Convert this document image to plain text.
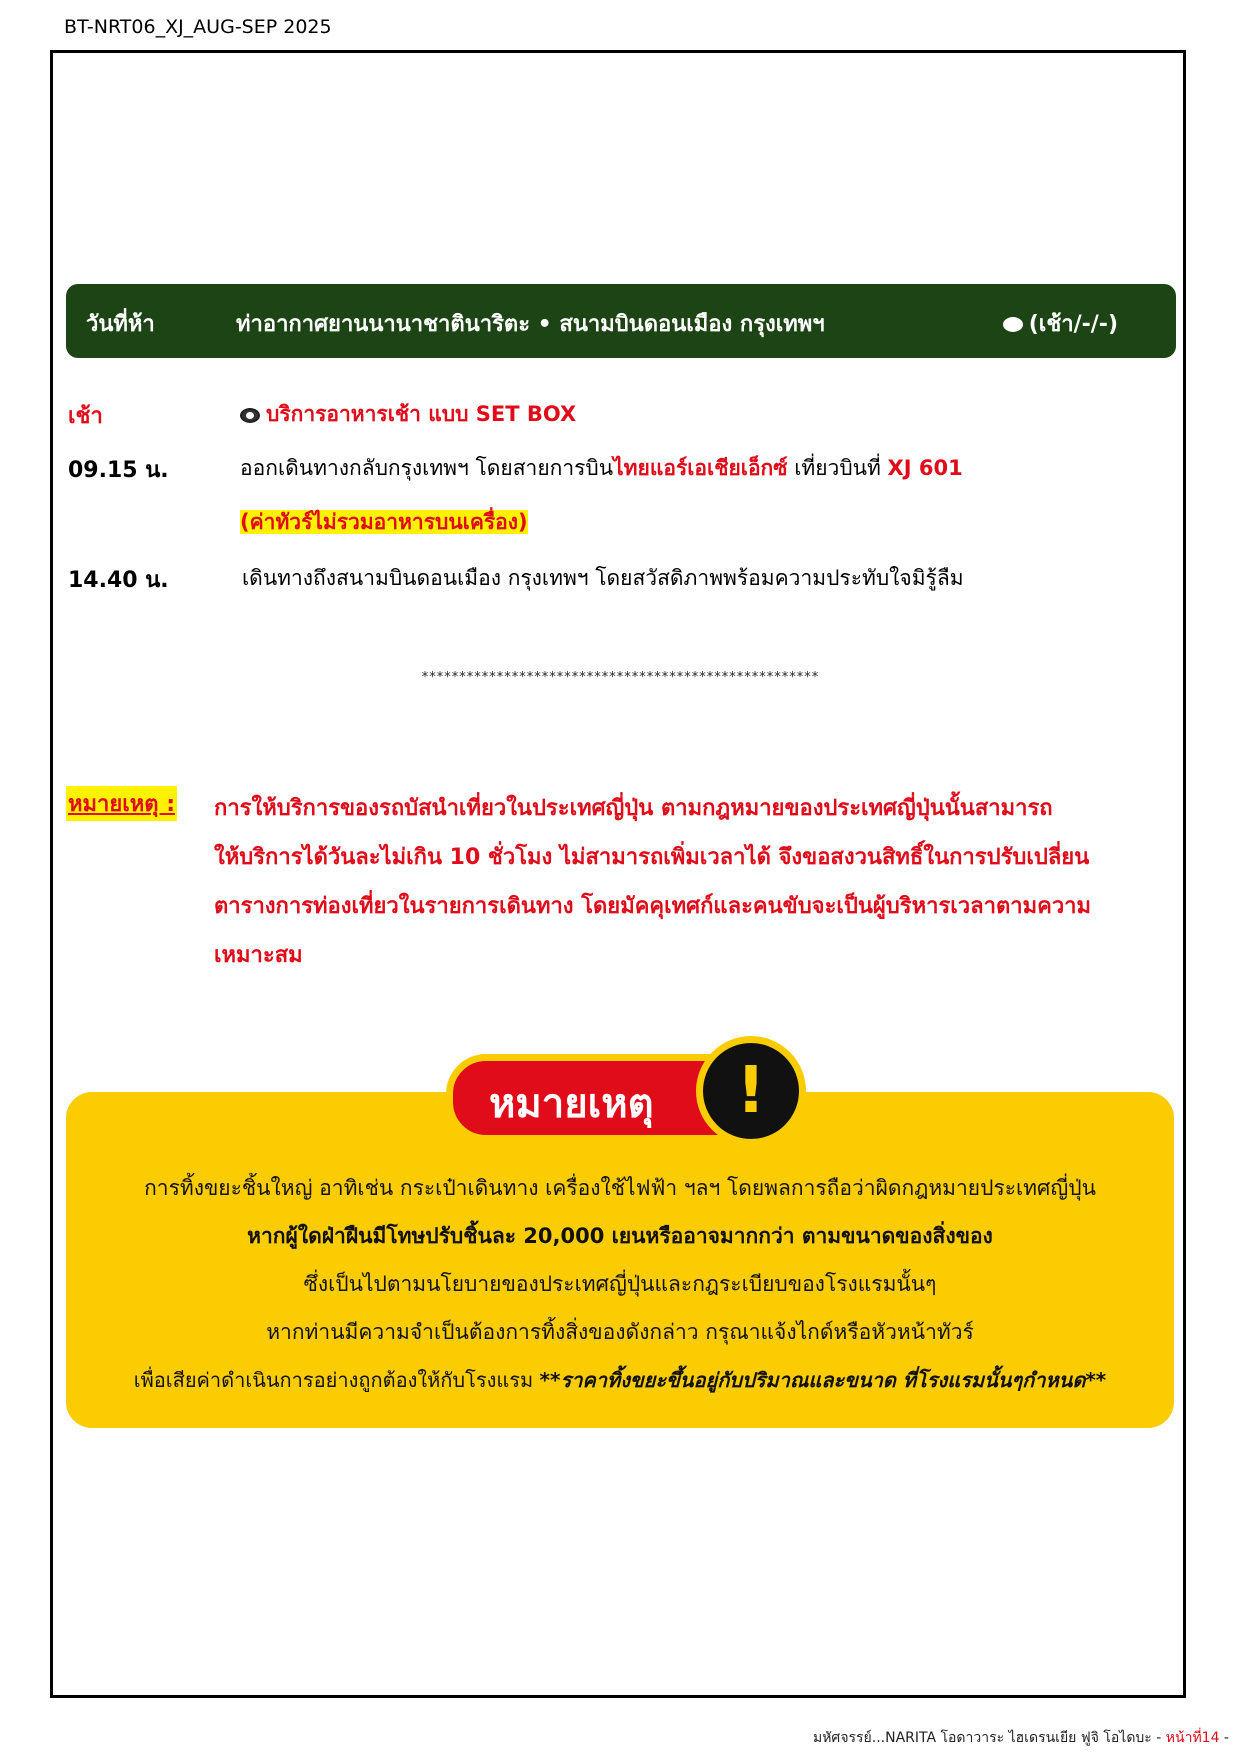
BT-NRT06_XJ_AUG-SEP 2025
วันที่ห้า	ท่าอากาศยานนานาชาตินาริตะ • สนามบินดอนเมือง กรุงเทพฯ	(เช้า/-/-)
เช้า	บริการอาหารเช้า แบบ SET BOX
09.15 น.	ออกเดินทางกลับกรุงเทพฯ โดยสายการบินไทยแอร์เอเชียเอ็กซ์ เที่ยวบินที่ XJ 601
(ค่าทัวร์ไม่รวมอาหารบนเครื่อง)
14.40 น.	เดินทางถึงสนามบินดอนเมือง กรุงเทพฯ โดยสวัสดิภาพพร้อมความประทับใจมิรู้ลืม
*****************************************************
หมายเหตุ : การให้บริการของรถบัสนำเที่ยวในประเทศญี่ปุ่น ตามกฎหมายของประเทศญี่ปุ่นนั้นสามารถ
ให้บริการได้วันละไม่เกิน 10 ชั่วโมง ไม่สามารถเพิ่มเวลาได้ จึงขอสงวนสิทธิ์ในการปรับเปลี่ยน
ตารางการท่องเที่ยวในรายการเดินทาง โดยมัคคุเทศก์และคนขับจะเป็นผู้บริหารเวลาตามความ
เหมาะสม
หมายเหตุ	!
การทิ้งขยะชิ้นใหญ่ อาทิเช่น กระเป๋าเดินทาง เครื่องใช้ไฟฟ้า ฯลฯ โดยพลการถือว่าผิดกฎหมายประเทศญี่ปุ่น
หากผู้ใดฝ่าฝืนมีโทษปรับชิ้นละ 20,000 เยนหรืออาจมากกว่า ตามขนาดของสิ่งของ
ซึ่งเป็นไปตามนโยบายของประเทศญี่ปุ่นและกฎระเบียบของโรงแรมนั้นๆ
หากท่านมีความจำเป็นต้องการทิ้งสิ่งของดังกล่าว กรุณาแจ้งไกด์หรือหัวหน้าทัวร์
เพื่อเสียค่าดำเนินการอย่างถูกต้องให้กับโรงแรม **ราคาทิ้งขยะขึ้นอยู่กับปริมาณและขนาด ที่โรงแรมนั้นๆกำหนด**
มหัศจรรย์...NARITA โอดาวาระ ไฮเดรนเยีย ฟูจิ โอไดบะ - หน้าที่14 -
